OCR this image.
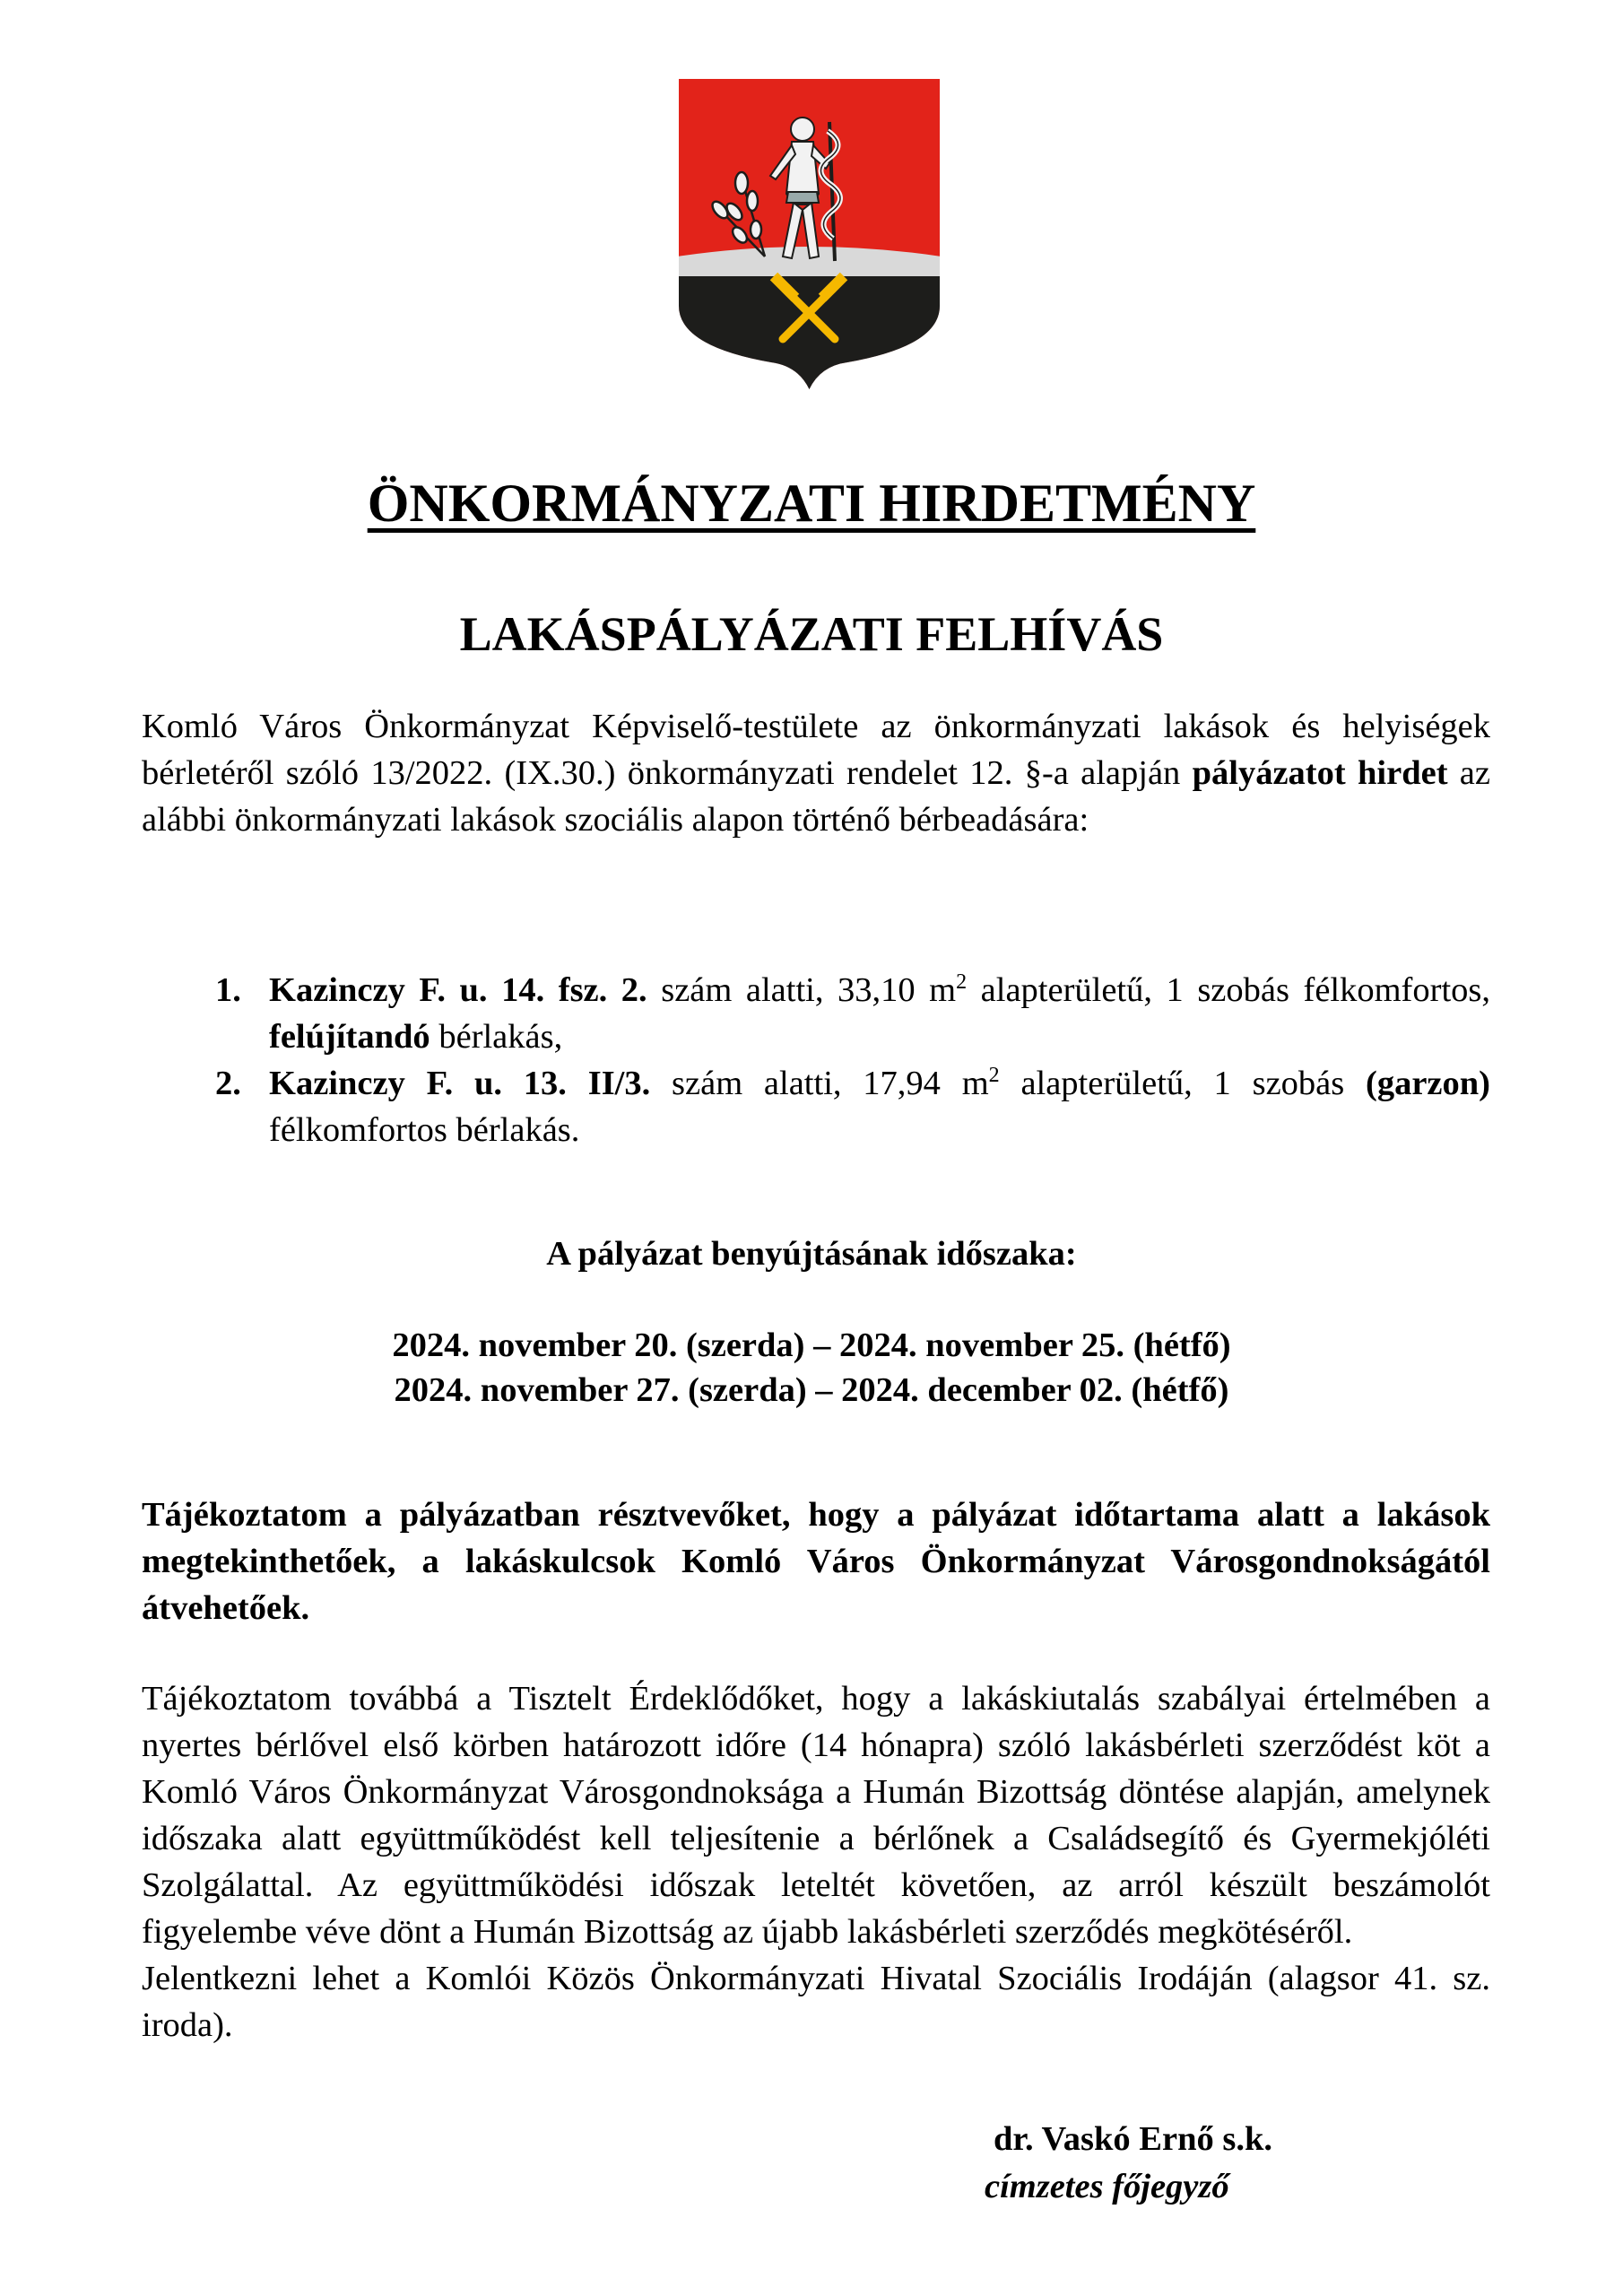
ÖNKORMÁNYZATI HIRDETMÉNY
LAKÁSPÁLYÁZATI FELHÍVÁS
Komló Város Önkormányzat Képviselő-testülete az önkormányzati lakások és helyiségek bérletéről szóló 13/2022. (IX.30.) önkormányzati rendelet 12. §-a alapján pályázatot hirdet az alábbi önkormányzati lakások szociális alapon történő bérbeadására:
1. Kazinczy F. u. 14. fsz. 2. szám alatti, 33,10 $m^2$ alapterületű, 1 szobás félkomfortos, felújítandó bérlakás,
2. Kazinczy F. u. 13. II/3. szám alatti, 17,94 $m^2$ alapterületű, 1 szobás (garzon) félkomfortos bérlakás.
A pályázat benyújtásának időszaka:
2024. november 20. (szerda) – 2024. november 25. (hétfő)
2024. november 27. (szerda) – 2024. december 02. (hétfő)
Tájékoztatom a pályázatban résztvevőket, hogy a pályázat időtartama alatt a lakások megtekinthetőek, a lakáskulcsok Komló Város Önkormányzat Városgondnokságától átvehetőek.
Tájékoztatom továbbá a Tisztelt Érdeklődőket, hogy a lakáskiutalás szabályai értelmében a nyertes bérlővel első körben határozott időre (14 hónapra) szóló lakásbérleti szerződést köt a Komló Város Önkormányzat Városgondnoksága a Humán Bizottság döntése alapján, amelynek időszaka alatt együttműködést kell teljesítenie a bérlőnek a Családsegítő és Gyermekjóléti Szolgálattal. Az együttműködési időszak leteltét követően, az arról készült beszámolót figyelembe véve dönt a Humán Bizottság az újabb lakásbérleti szerződés megkötéséről.
Jelentkezni lehet a Komlói Közös Önkormányzati Hivatal Szociális Irodáján (alagsor 41. sz. iroda).
dr. Vaskó Ernő s.k.
címzetes főjegyző
